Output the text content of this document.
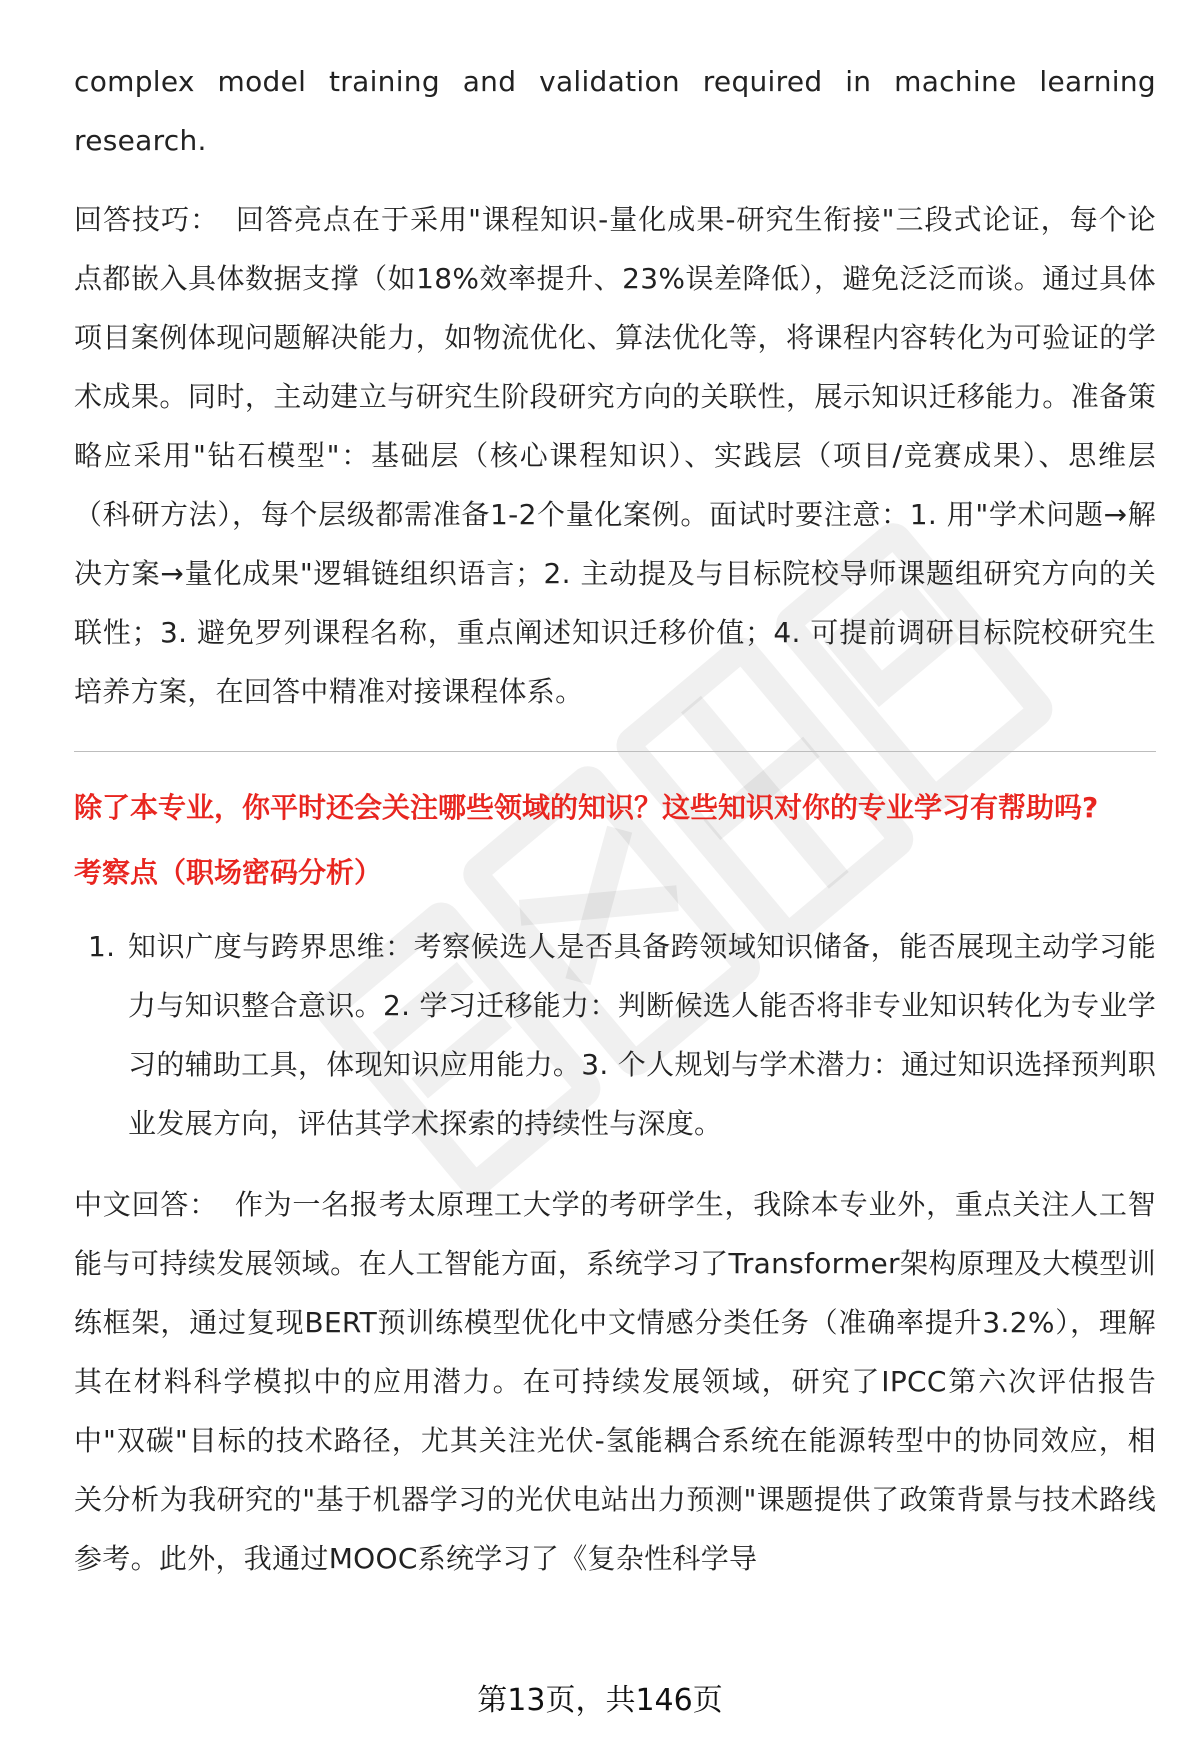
complex model training and validation required in machine learning research.

回答技巧： 回答亮点在于采用"课程知识-量化成果-研究生衔接"三段式论证，每个论点都嵌入具体数据支撑（如18%效率提升、23%误差降低），避免泛泛而谈。通过具体项目案例体现问题解决能力，如物流优化、算法优化等，将课程内容转化为可验证的学术成果。同时，主动建立与研究生阶段研究方向的关联性，展示知识迁移能力。准备策略应采用"钻石模型"：基础层（核心课程知识）、实践层（项目/竞赛成果）、思维层（科研方法），每个层级都需准备1-2个量化案例。面试时要注意：1. 用"学术问题→解决方案→量化成果"逻辑链组织语言；2. 主动提及与目标院校导师课题组研究方向的关联性；3. 避免罗列课程名称，重点阐述知识迁移价值；4. 可提前调研目标院校研究生培养方案，在回答中精准对接课程体系。

除了本专业，你平时还会关注哪些领域的知识？这些知识对你的专业学习有帮助吗?

考察点（职场密码分析）

1. 知识广度与跨界思维：考察候选人是否具备跨领域知识储备，能否展现主动学习能力与知识整合意识。2. 学习迁移能力：判断候选人能否将非专业知识转化为专业学习的辅助工具，体现知识应用能力。3. 个人规划与学术潜力：通过知识选择预判职业发展方向，评估其学术探索的持续性与深度。

中文回答： 作为一名报考太原理工大学的考研学生，我除本专业外，重点关注人工智能与可持续发展领域。在人工智能方面，系统学习了Transformer架构原理及大模型训练框架，通过复现BERT预训练模型优化中文情感分类任务（准确率提升3.2%），理解其在材料科学模拟中的应用潜力。在可持续发展领域，研究了IPCC第六次评估报告中"双碳"目标的技术路径，尤其关注光伏-氢能耦合系统在能源转型中的协同效应，相关分析为我研究的"基于机器学习的光伏电站出力预测"课题提供了政策背景与技术路线参考。此外，我通过MOOC系统学习了《复杂性科学导

第13页，共146页
